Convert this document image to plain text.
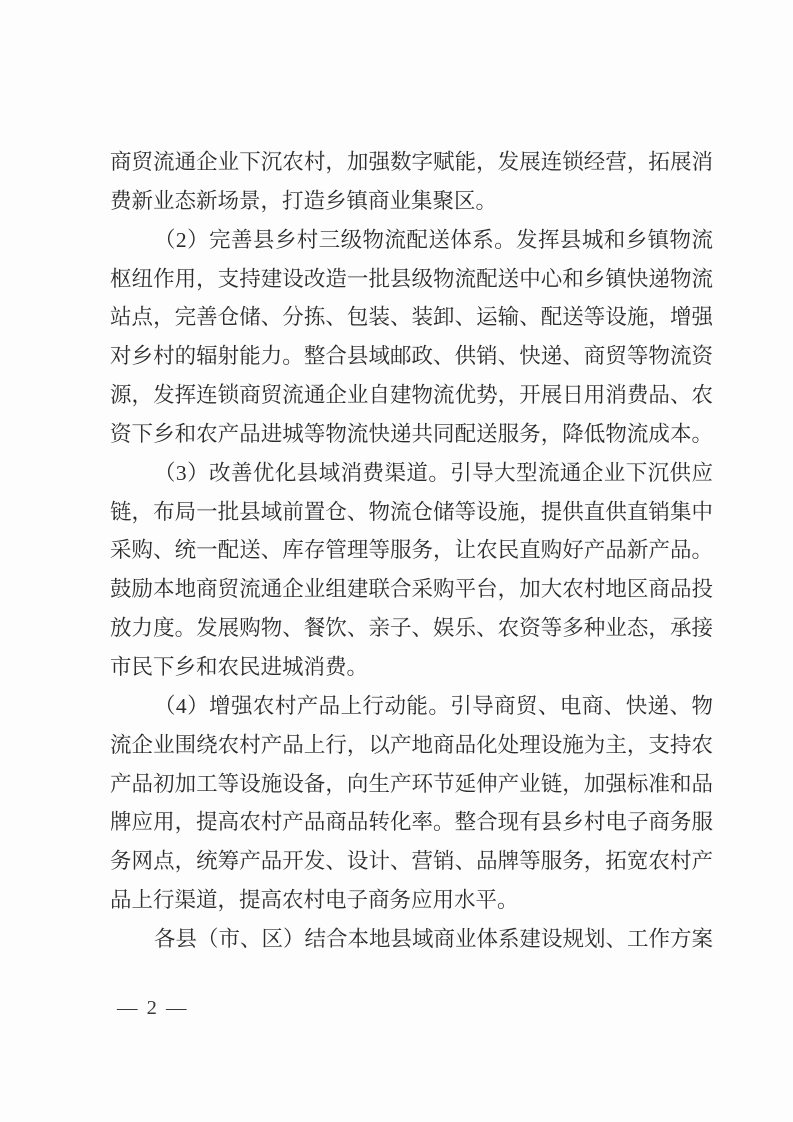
商贸流通企业下沉农村，加强数字赋能，发展连锁经营，拓展消
费新业态新场景，打造乡镇商业集聚区。
（2）完善县乡村三级物流配送体系。发挥县城和乡镇物流
枢纽作用，支持建设改造一批县级物流配送中心和乡镇快递物流
站点，完善仓储、分拣、包装、装卸、运输、配送等设施，增强
对乡村的辐射能力。整合县域邮政、供销、快递、商贸等物流资
源，发挥连锁商贸流通企业自建物流优势，开展日用消费品、农
资下乡和农产品进城等物流快递共同配送服务，降低物流成本。
（3）改善优化县域消费渠道。引导大型流通企业下沉供应
链，布局一批县域前置仓、物流仓储等设施，提供直供直销集中
采购、统一配送、库存管理等服务，让农民直购好产品新产品。
鼓励本地商贸流通企业组建联合采购平台，加大农村地区商品投
放力度。发展购物、餐饮、亲子、娱乐、农资等多种业态，承接
市民下乡和农民进城消费。
（4）增强农村产品上行动能。引导商贸、电商、快递、物
流企业围绕农村产品上行，以产地商品化处理设施为主，支持农
产品初加工等设施设备，向生产环节延伸产业链，加强标准和品
牌应用，提高农村产品商品转化率。整合现有县乡村电子商务服
务网点，统筹产品开发、设计、营销、品牌等服务，拓宽农村产
品上行渠道，提高农村电子商务应用水平。
各县（市、区）结合本地县域商业体系建设规划、工作方案
— 2 —
